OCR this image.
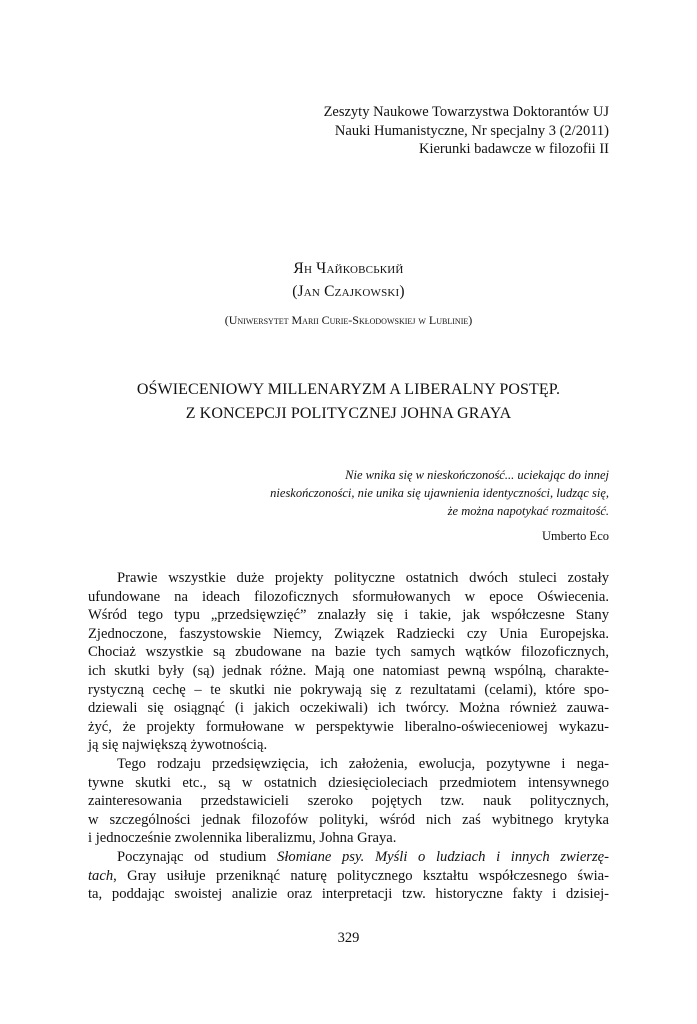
Zeszyty Naukowe Towarzystwa Doktorantów UJ
Nauki Humanistyczne, Nr specjalny 3 (2/2011)
Kierunki badawcze w filozofii II
Ян Чайковський
(Jan Czajkowski)
(Uniwersytet Marii Curie-Skłodowskiej w Lublinie)
OŚWIECENIOWY MILLENARYZM A LIBERALNY POSTĘP.
Z KONCEPCJI POLITYCZNEJ JOHNA GRAYA
Nie wnika się w nieskończoność... uciekając do innej
nieskończoności, nie unika się ujawnienia identyczności, ludząc się,
że można napotykać rozmaitość.
Umberto Eco
Prawie wszystkie duże projekty polityczne ostatnich dwóch stuleci zostały
ufundowane na ideach filozoficznych sformułowanych w epoce Oświecenia.
Wśród tego typu „przedsięwzięć” znalazły się i takie, jak współczesne Stany
Zjednoczone, faszystowskie Niemcy, Związek Radziecki czy Unia Europejska.
Chociaż wszystkie są zbudowane na bazie tych samych wątków filozoficznych,
ich skutki były (są) jednak różne. Mają one natomiast pewną wspólną, charakte-
rystyczną cechę – te skutki nie pokrywają się z rezultatami (celami), które spo-
dziewali się osiągnąć (i jakich oczekiwali) ich twórcy. Można również zauwa-
żyć, że projekty formułowane w perspektywie liberalno-oświeceniowej wykazu-
ją się największą żywotnością.
Tego rodzaju przedsięwzięcia, ich założenia, ewolucja, pozytywne i nega-
tywne skutki etc., są w ostatnich dziesięcioleciach przedmiotem intensywnego
zainteresowania przedstawicieli szeroko pojętych tzw. nauk politycznych,
w szczególności jednak filozofów polityki, wśród nich zaś wybitnego krytyka
i jednocześnie zwolennika liberalizmu, Johna Graya.
Poczynając od studium Słomiane psy. Myśli o ludziach i innych zwierzę-
tach, Gray usiłuje przeniknąć naturę politycznego kształtu współczesnego świa-
ta, poddając swoistej analizie oraz interpretacji tzw. historyczne fakty i dzisiej-
329
